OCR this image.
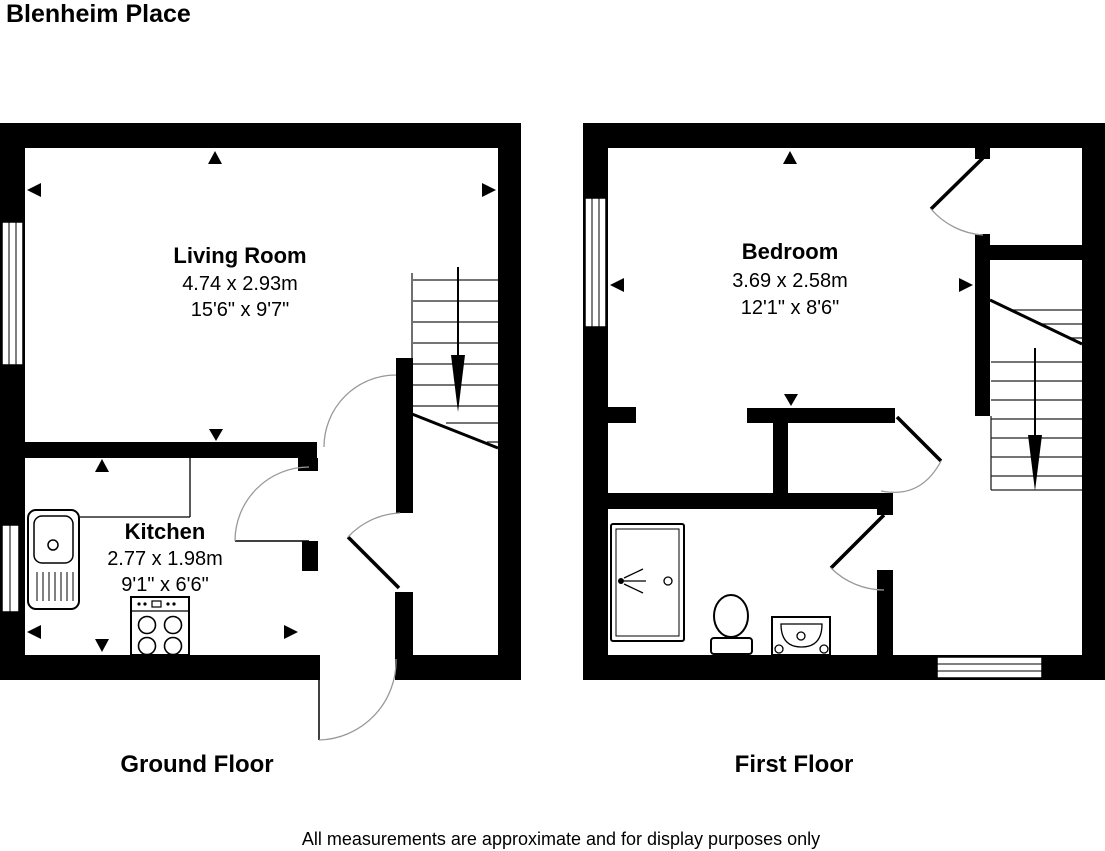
Blenheim Place
Living Room
4.74 x 2.93m
15'6" x 9'7"
Kitchen
2.77 x 1.98m
9'1" x 6'6"
Ground Floor
Bedroom
3.69 x 2.58m
12'1" x 8'6"
First Floor
All measurements are approximate and for display purposes only
